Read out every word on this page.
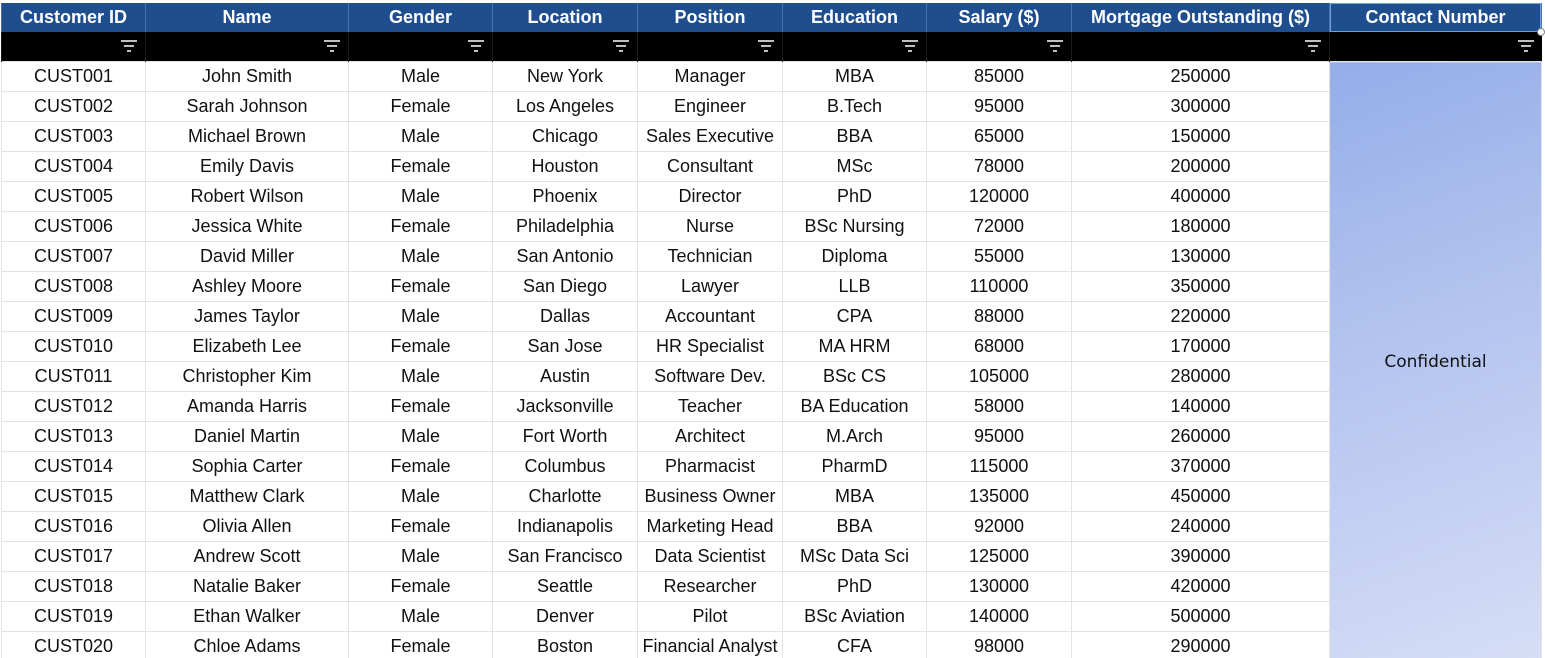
Customer ID	Name	Gender	Location	Position	Education	Salary ($)	Mortgage Outstanding ($)	Contact Number

CUST001	John Smith	Male	New York	Manager	MBA	85000	250000	Confidential
CUST002	Sarah Johnson	Female	Los Angeles	Engineer	B.Tech	95000	300000	
CUST003	Michael Brown	Male	Chicago	Sales Executive	BBA	65000	150000	
CUST004	Emily Davis	Female	Houston	Consultant	MSc	78000	200000	
CUST005	Robert Wilson	Male	Phoenix	Director	PhD	120000	400000	
CUST006	Jessica White	Female	Philadelphia	Nurse	BSc Nursing	72000	180000	
CUST007	David Miller	Male	San Antonio	Technician	Diploma	55000	130000	
CUST008	Ashley Moore	Female	San Diego	Lawyer	LLB	110000	350000	
CUST009	James Taylor	Male	Dallas	Accountant	CPA	88000	220000	
CUST010	Elizabeth Lee	Female	San Jose	HR Specialist	MA HRM	68000	170000	
CUST011	Christopher Kim	Male	Austin	Software Dev.	BSc CS	105000	280000	
CUST012	Amanda Harris	Female	Jacksonville	Teacher	BA Education	58000	140000	
CUST013	Daniel Martin	Male	Fort Worth	Architect	M.Arch	95000	260000	
CUST014	Sophia Carter	Female	Columbus	Pharmacist	PharmD	115000	370000	
CUST015	Matthew Clark	Male	Charlotte	Business Owner	MBA	135000	450000	
CUST016	Olivia Allen	Female	Indianapolis	Marketing Head	BBA	92000	240000	
CUST017	Andrew Scott	Male	San Francisco	Data Scientist	MSc Data Sci	125000	390000	
CUST018	Natalie Baker	Female	Seattle	Researcher	PhD	130000	420000	
CUST019	Ethan Walker	Male	Denver	Pilot	BSc Aviation	140000	500000	
CUST020	Chloe Adams	Female	Boston	Financial Analyst	CFA	98000	290000	
